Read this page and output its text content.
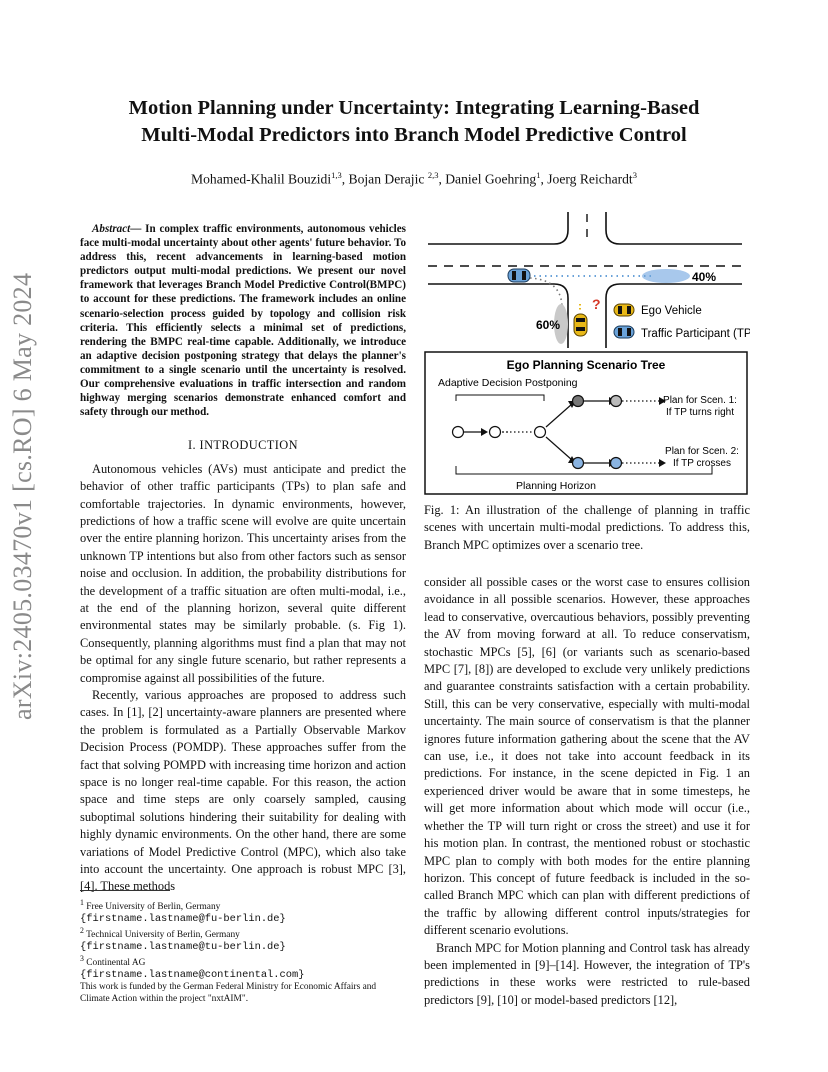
arXiv:2405.03470v1 [cs.RO] 6 May 2024
Motion Planning under Uncertainty: Integrating Learning-Based
Multi-Modal Predictors into Branch Model Predictive Control
Mohamed-Khalil Bouzidi$^{1,3}$, Bojan Derajic $^{2,3}$, Daniel Goehring$^1$, Joerg Reichardt$^3$

Abstract— In complex traffic environments, autonomous vehicles face multi-modal uncertainty about other agents' future behavior. To address this, recent advancements in learning-based motion predictors output multi-modal predictions. We present our novel framework that leverages Branch Model Predictive Control(BMPC) to account for these predictions. The framework includes an online scenario-selection process guided by topology and collision risk criteria. This efficiently selects a minimal set of predictions, rendering the BMPC real-time capable. Additionally, we introduce an adaptive decision postponing strategy that delays the planner's commitment to a single scenario until the uncertainty is resolved. Our comprehensive evaluations in traffic intersection and random highway merging scenarios demonstrate enhanced comfort and safety through our method.

I. INTRODUCTION

Autonomous vehicles (AVs) must anticipate and predict the behavior of other traffic participants (TPs) to plan safe and comfortable trajectories. In dynamic environments, however, predictions of how a traffic scene will evolve are quite uncertain over the entire planning horizon. This uncertainty arises from the unknown TP intentions but also from other factors such as sensor noise and occlusion. In addition, the probability distributions for the development of a traffic situation are often multi-modal, i.e., at the end of the planning horizon, several quite different environmental states may be similarly probable. (s. Fig 1). Consequently, planning algorithms must find a plan that may not be optimal for any single future scenario, but rather represents a compromise against all possibilities of the future.

Recently, various approaches are proposed to address such cases. In [1], [2] uncertainty-aware planners are presented where the problem is formulated as a Partially Observable Markov Decision Process (POMDP). These approaches suffer from the fact that solving POMPD with increasing time horizon and action space is no longer real-time capable. For this reason, the action space and time steps are only coarsely sampled, causing suboptimal solutions hindering their suitability for dealing with highly dynamic environments. On the other hand, there are some variations of Model Predictive Control (MPC), which also take into account the uncertainty. One approach is robust MPC [3], [4]. These methods

$^1$ Free University of Berlin, Germany
{firstname.lastname@fu-berlin.de}
$^2$ Technical University of Berlin, Germany
{firstname.lastname@tu-berlin.de}
$^3$ Continental AG
{firstname.lastname@continental.com}
This work is funded by the German Federal Ministry for Economic Affairs and Climate Action within the project "nxtAIM".
40%
60%
?	Ego Vehicle
Traffic Participant (TP)
Ego Planning Scenario Tree
Adaptive Decision Postponing
Plan for Scen. 1:
If TP turns right
Plan for Scen. 2:
If TP crosses
Planning Horizon
Fig. 1: An illustration of the challenge of planning in traffic scenes with uncertain multi-modal predictions. To address this, Branch MPC optimizes over a scenario tree.

consider all possible cases or the worst case to ensures collision avoidance in all possible scenarios. However, these approaches lead to conservative, overcautious behaviors, possibly preventing the AV from moving forward at all. To reduce conservatism, stochastic MPCs [5], [6] (or variants such as scenario-based MPC [7], [8]) are developed to exclude very unlikely predictions and guarantee constraints satisfaction with a certain probability. Still, this can be very conservative, especially with multi-modal uncertainty. The main source of conservatism is that the planner ignores future information gathering about the scene that the AV can use, i.e., it does not take into account feedback in its predictions. For instance, in the scene depicted in Fig. 1 an experienced driver would be aware that in some timesteps, he will get more information about which mode will occur (i.e., whether the TP will turn right or cross the street) and use it for his motion plan. In contrast, the mentioned robust or stochastic MPC plan to comply with both modes for the entire planning horizon. This concept of future feedback is included in the so-called Branch MPC which can plan with different predictions of the traffic by allowing different control inputs/strategies for different scenario evolutions.

Branch MPC for Motion planning and Control task has already been implemented in [9]–[14]. However, the integration of TP's predictions in these works were restricted to rule-based predictors [9], [10] or model-based predictors [12],
